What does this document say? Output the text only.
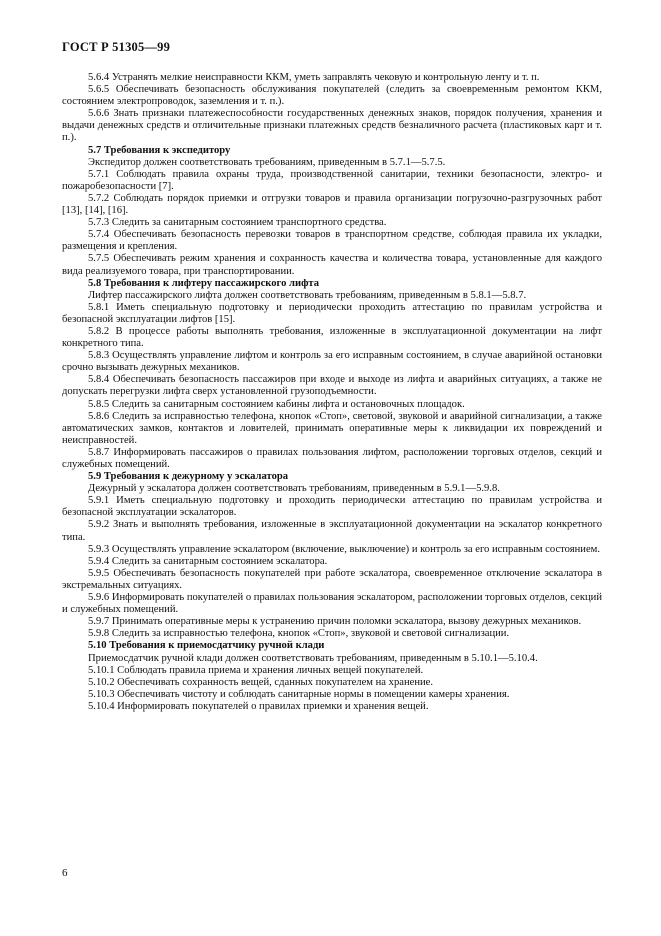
ГОСТ Р 51305—99

5.6.4 Устранять мелкие неисправности ККМ, уметь заправлять чековую и контрольную ленту и т. п.

5.6.5 Обеспечивать безопасность обслуживания покупателей (следить за своевременным ремонтом ККМ, состоянием электропроводок, заземления и т. п.).

5.6.6 Знать признаки платежеспособности государственных денежных знаков, порядок получения, хранения и выдачи денежных средств и отличительные признаки платежных средств безналичного расчета (пластиковых карт и т. п.).

5.7 Требования к экспедитору

Экспедитор должен соответствовать требованиям, приведенным в 5.7.1—5.7.5.

5.7.1 Соблюдать правила охраны труда, производственной санитарии, техники безопасности, электро- и пожаробезопасности [7].

5.7.2 Соблюдать порядок приемки и отгрузки товаров и правила организации погрузочно-разгрузочных работ [13], [14], [16].

5.7.3 Следить за санитарным состоянием транспортного средства.

5.7.4 Обеспечивать безопасность перевозки товаров в транспортном средстве, соблюдая правила их укладки, размещения и крепления.

5.7.5 Обеспечивать режим хранения и сохранность качества и количества товара, установленные для каждого вида реализуемого товара, при транспортировании.

5.8 Требования к лифтеру пассажирского лифта

Лифтер пассажирского лифта должен соответствовать требованиям, приведенным в 5.8.1—5.8.7.

5.8.1 Иметь специальную подготовку и периодически проходить аттестацию по правилам устройства и безопасной эксплуатации лифтов [15].

5.8.2 В процессе работы выполнять требования, изложенные в эксплуатационной документации на лифт конкретного типа.

5.8.3 Осуществлять управление лифтом и контроль за его исправным состоянием, в случае аварийной остановки срочно вызывать дежурных механиков.

5.8.4 Обеспечивать безопасность пассажиров при входе и выходе из лифта и аварийных ситуациях, а также не допускать перегрузки лифта сверх установленной грузоподъемности.

5.8.5 Следить за санитарным состоянием кабины лифта и остановочных площадок.

5.8.6 Следить за исправностью телефона, кнопок «Стоп», световой, звуковой и аварийной сигнализации, а также автоматических замков, контактов и ловителей, принимать оперативные меры к ликвидации их повреждений и неисправностей.

5.8.7 Информировать пассажиров о правилах пользования лифтом, расположении торговых отделов, секций и служебных помещений.

5.9 Требования к дежурному у эскалатора

Дежурный у эскалатора должен соответствовать требованиям, приведенным в 5.9.1—5.9.8.

5.9.1 Иметь специальную подготовку и проходить периодически аттестацию по правилам устройства и безопасной эксплуатации эскалаторов.

5.9.2 Знать и выполнять требования, изложенные в эксплуатационной документации на эскалатор конкретного типа.

5.9.3 Осуществлять управление эскалатором (включение, выключение) и контроль за его исправным состоянием.

5.9.4 Следить за санитарным состоянием эскалатора.

5.9.5 Обеспечивать безопасность покупателей при работе эскалатора, своевременное отключение эскалатора в экстремальных ситуациях.

5.9.6 Информировать покупателей о правилах пользования эскалатором, расположении торговых отделов, секций и служебных помещений.

5.9.7 Принимать оперативные меры к устранению причин поломки эскалатора, вызову дежурных механиков.

5.9.8 Следить за исправностью телефона, кнопок «Стоп», звуковой и световой сигнализации.

5.10 Требования к приемосдатчику ручной клади

Приемосдатчик ручной клади должен соответствовать требованиям, приведенным в 5.10.1—5.10.4.

5.10.1 Соблюдать правила приема и хранения личных вещей покупателей.

5.10.2 Обеспечивать сохранность вещей, сданных покупателем на хранение.

5.10.3 Обеспечивать чистоту и соблюдать санитарные нормы в помещении камеры хранения.

5.10.4 Информировать покупателей о правилах приемки и хранения вещей.

6
